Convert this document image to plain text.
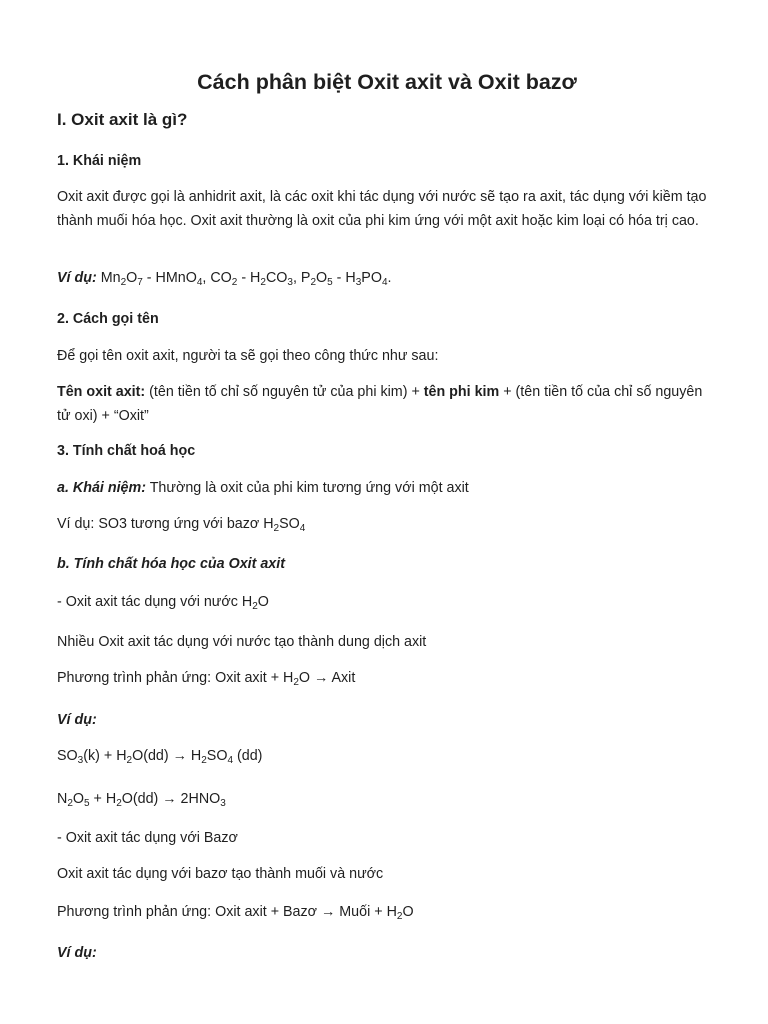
Cách phân biệt Oxit axit và Oxit bazơ
I. Oxit axit là gì?
1. Khái niệm
Oxit axit được gọi là anhidrit axit, là các oxit khi tác dụng với nước sẽ tạo ra axit, tác dụng với kiềm tạo thành muối hóa học. Oxit axit thường là oxit của phi kim ứng với một axit hoặc kim loại có hóa trị cao.
Ví dụ: $Mn_2O_7$ - HMnO$_4$, $CO_2 - H_2CO_3$, $P_2O_5 - H_3PO_4$.
2. Cách gọi tên
Để gọi tên oxit axit, người ta sẽ gọi theo công thức như sau:
Tên oxit axit: (tên tiền tố chỉ số nguyên tử của phi kim) + tên phi kim + (tên tiền tố của chỉ số nguyên tử oxi) + “Oxit”
3. Tính chất hoá học
a. Khái niệm: Thường là oxit của phi kim tương ứng với một axit
Ví dụ: SO3 tương ứng với bazơ $H_2SO_4$
b. Tính chất hóa học của Oxit axit
- Oxit axit tác dụng với nước $H_2O$
Nhiều Oxit axit tác dụng với nước tạo thành dung dịch axit
Phương trình phản ứng: Oxit axit + $H_2O$ → Axit
Ví dụ:
$SO_3(k) + H_2O(dd) \to H_2SO_4$ (dd)
$N_2O_5 + H_2O(dd) \to 2HNO_3$
- Oxit axit tác dụng với Bazơ
Oxit axit tác dụng với bazơ tạo thành muối và nước
Phương trình phản ứng: Oxit axit + Bazơ → Muối + $H_2O$
Ví dụ:
